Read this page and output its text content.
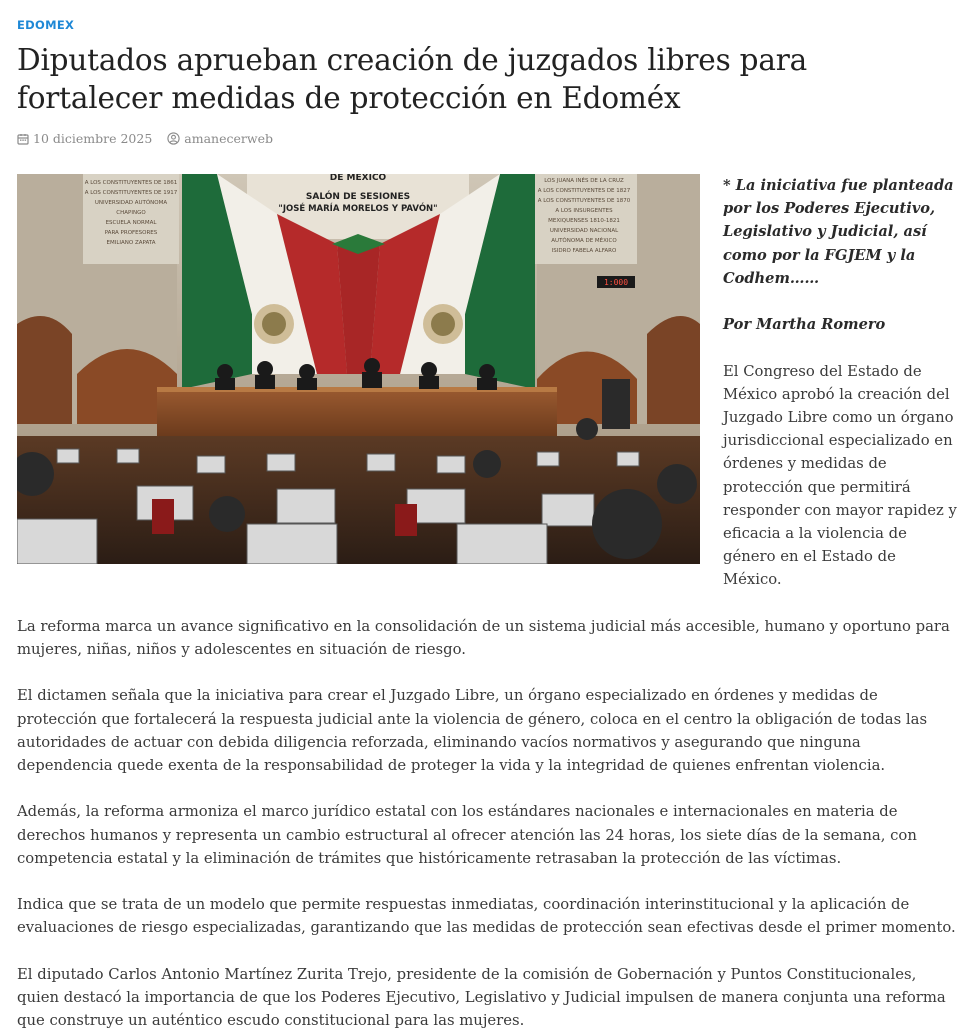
EDOMEX
Diputados aprueban creación de juzgados libres para fortalecer medidas de protección en Edoméx
10 diciembre 2025	amanecerweb
DE MEXICO
SALÓN DE SESIONES
"JOSÉ MARÍA MORELOS Y PAVÓN"
A LOS CONSTITUYENTES DE 1861
A LOS CONSTITUYENTES DE 1917
UNIVERSIDAD AUTÓNOMA
CHAPINGO
ESCUELA NORMAL
PARA PROFESORES
EMILIANO ZAPATA
LOS JUANA INÉS DE LA CRUZ
A LOS CONSTITUYENTES DE 1827
A LOS CONSTITUYENTES DE 1870
A LOS INSURGENTES
MEXIQUENSES 1810-1821
UNIVERSIDAD NACIONAL
AUTÓNOMA DE MÉXICO
ISIDRO FABELA ALFARO
1:000

* La iniciativa fue planteada por los Poderes Ejecutivo, Legislativo y Judicial, así como por la FGJEM y la Codhem……

Por Martha Romero

El Congreso del Estado de México aprobó la creación del Juzgado Libre como un órgano jurisdiccional especializado en órdenes y medidas de protección que permitirá responder con mayor rapidez y eficacia a la violencia de género en el Estado de México.

La reforma marca un avance significativo en la consolidación de un sistema judicial más accesible, humano y oportuno para mujeres, niñas, niños y adolescentes en situación de riesgo.

El dictamen señala que la iniciativa para crear el Juzgado Libre, un órgano especializado en órdenes y medidas de protección que fortalecerá la respuesta judicial ante la violencia de género, coloca en el centro la obligación de todas las autoridades de actuar con debida diligencia reforzada, eliminando vacíos normativos y asegurando que ninguna dependencia quede exenta de la responsabilidad de proteger la vida y la integridad de quienes enfrentan violencia.

Además, la reforma armoniza el marco jurídico estatal con los estándares nacionales e internacionales en materia de derechos humanos y representa un cambio estructural al ofrecer atención las 24 horas, los siete días de la semana, con competencia estatal y la eliminación de trámites que históricamente retrasaban la protección de las víctimas.

Indica que se trata de un modelo que permite respuestas inmediatas, coordinación interinstitucional y la aplicación de evaluaciones de riesgo especializadas, garantizando que las medidas de protección sean efectivas desde el primer momento.

El diputado Carlos Antonio Martínez Zurita Trejo, presidente de la comisión de Gobernación y Puntos Constitucionales, quien destacó la importancia de que los Poderes Ejecutivo, Legislativo y Judicial impulsen de manera conjunta una reforma que construye un auténtico escudo constitucional para las mujeres.
